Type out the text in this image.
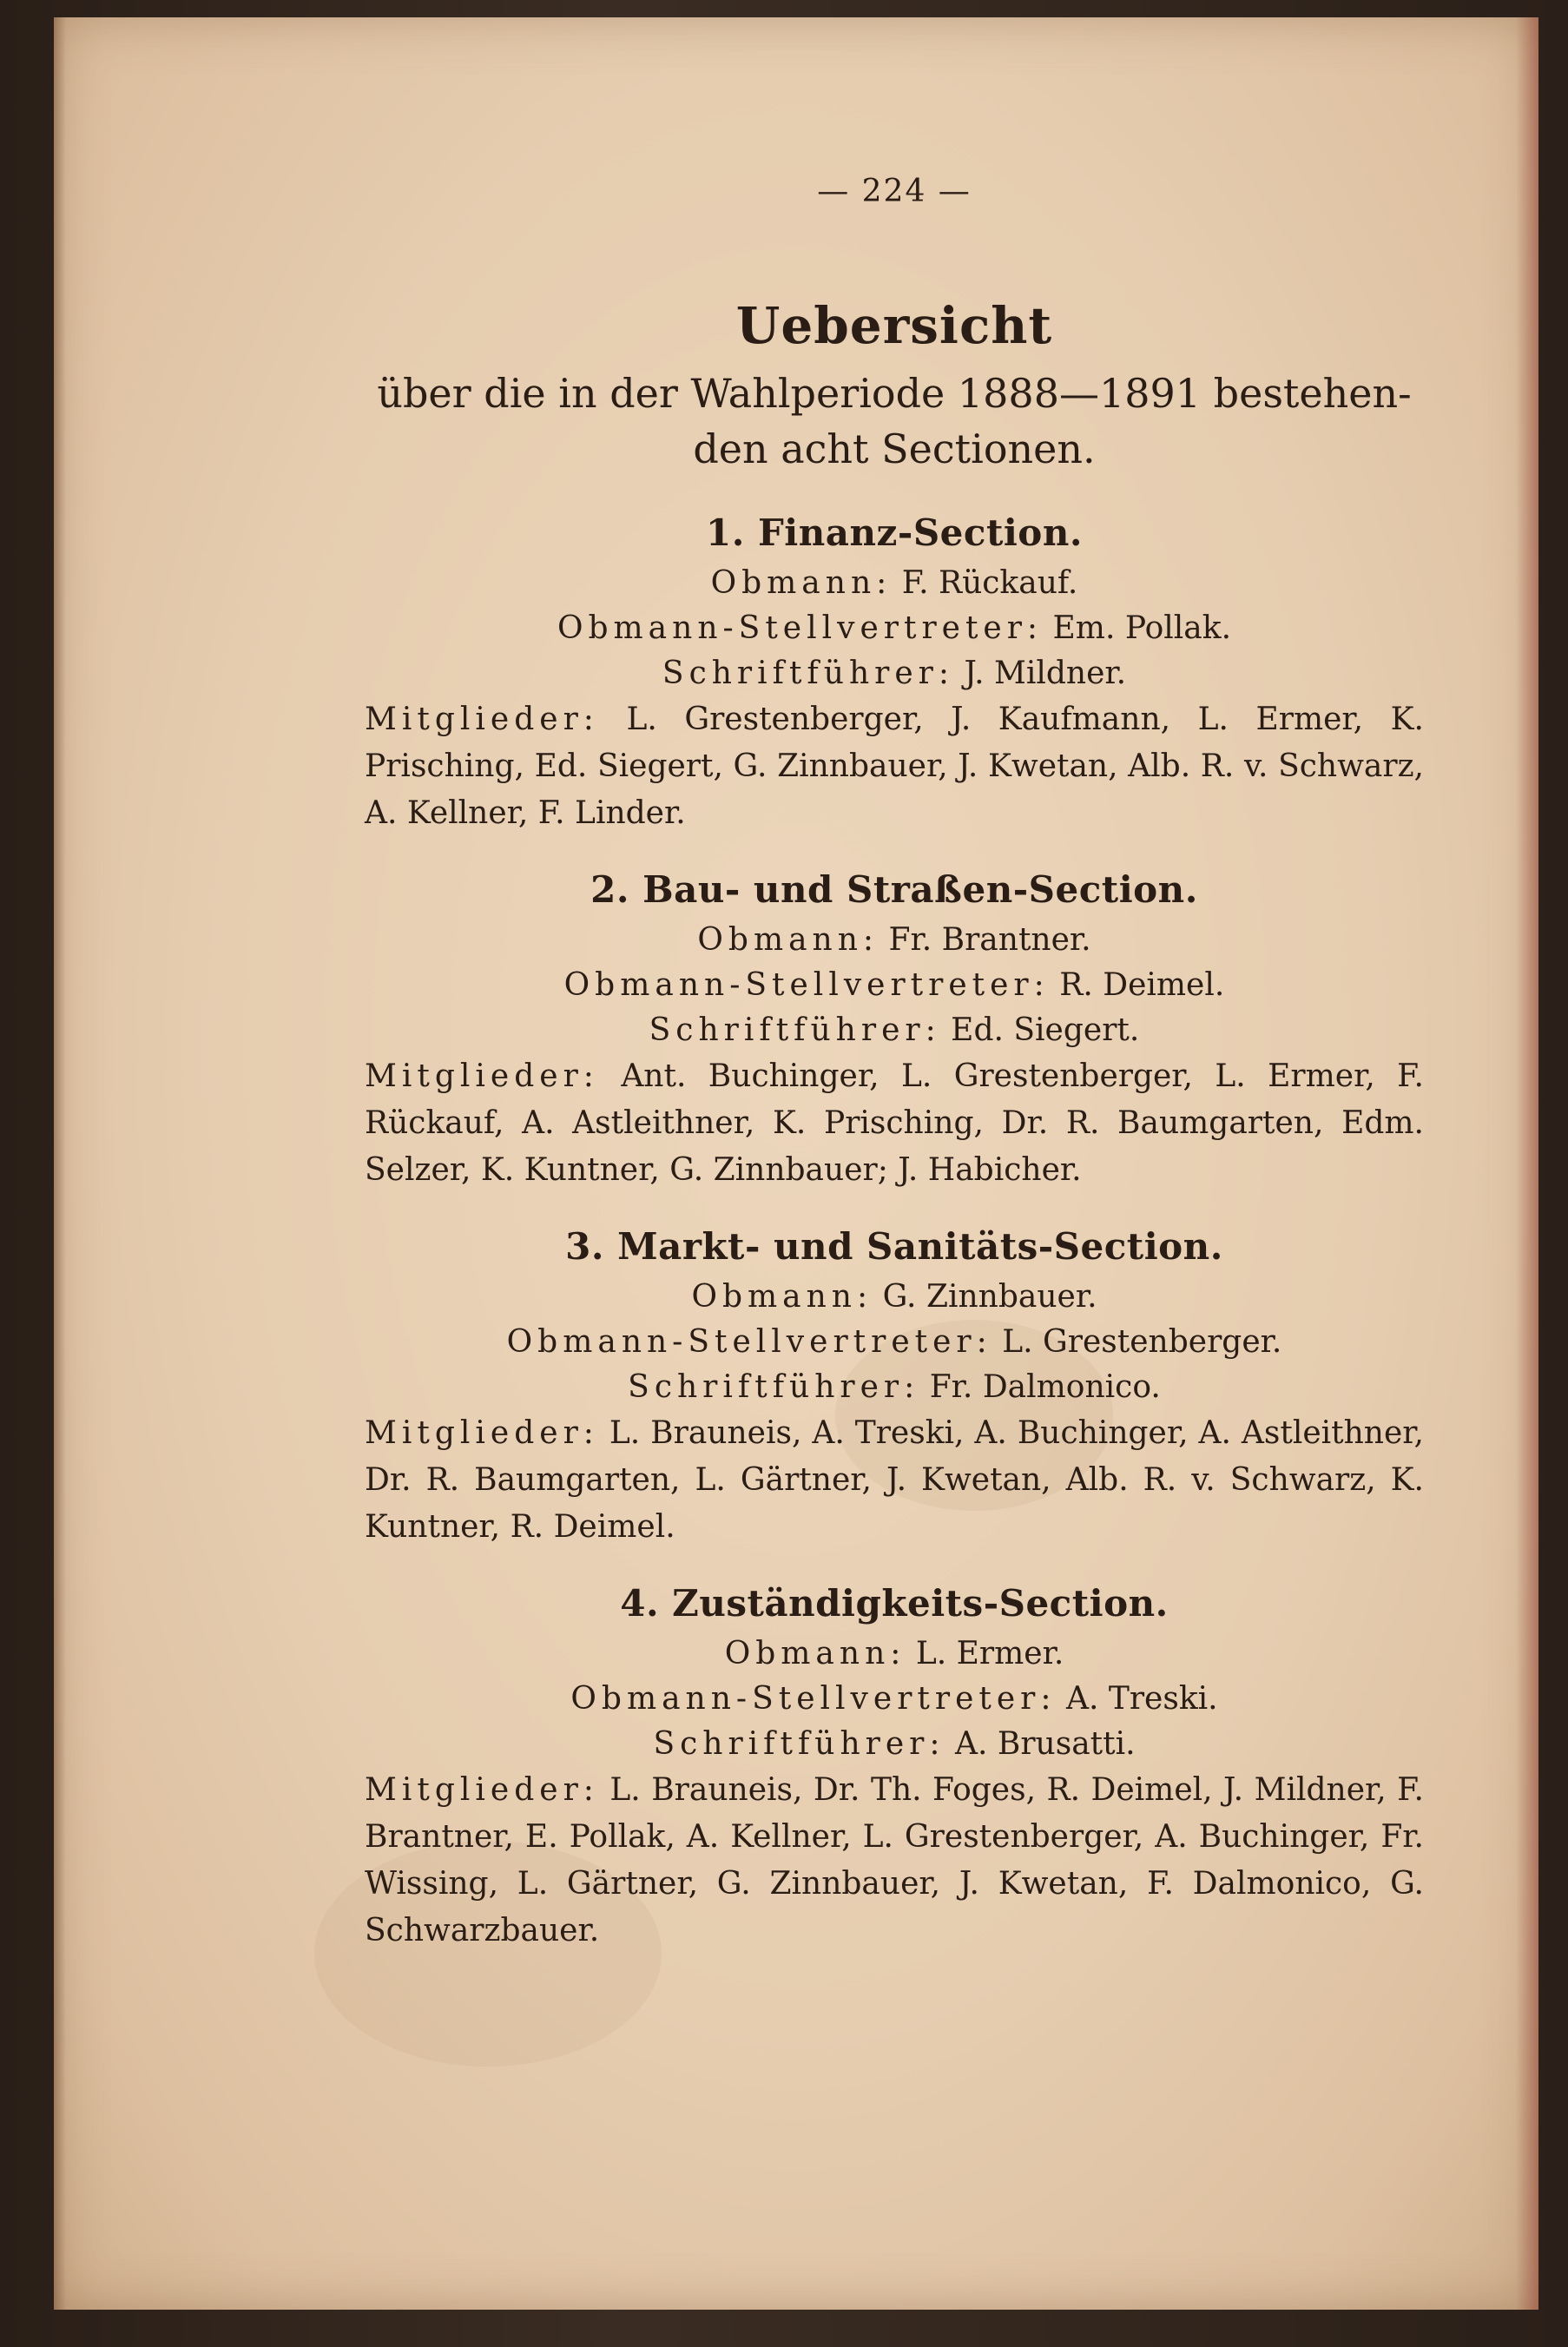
— 224 —
Uebersicht
über die in der Wahlperiode 1888—1891 bestehen-
den acht Sectionen.
1. Finanz-Section.
Obmann: F. Rückauf.
Obmann-Stellvertreter: Em. Pollak.
Schriftführer: J. Mildner.
Mitglieder: L. Grestenberger, J. Kaufmann, L. Ermer, K. Prisching, Ed. Siegert, G. Zinnbauer, J. Kwetan, Alb. R. v. Schwarz, A. Kellner, F. Linder.
2. Bau- und Straßen-Section.
Obmann: Fr. Brantner.
Obmann-Stellvertreter: R. Deimel.
Schriftführer: Ed. Siegert.
Mitglieder: Ant. Buchinger, L. Grestenberger, L. Ermer, F. Rückauf, A. Astleithner, K. Prisching, Dr. R. Baumgarten, Edm. Selzer, K. Kuntner, G. Zinnbauer; J. Habicher.
3. Markt- und Sanitäts-Section.
Obmann: G. Zinnbauer.
Obmann-Stellvertreter: L. Grestenberger.
Schriftführer: Fr. Dalmonico.
Mitglieder: L. Brauneis, A. Treski, A. Buchinger, A. Astleithner, Dr. R. Baumgarten, L. Gärtner, J. Kwetan, Alb. R. v. Schwarz, K. Kuntner, R. Deimel.
4. Zuständigkeits-Section.
Obmann: L. Ermer.
Obmann-Stellvertreter: A. Treski.
Schriftführer: A. Brusatti.
Mitglieder: L. Brauneis, Dr. Th. Foges, R. Deimel, J. Mildner, F. Brantner, E. Pollak, A. Kellner, L. Grestenberger, A. Buchinger, Fr. Wissing, L. Gärtner, G. Zinnbauer, J. Kwetan, F. Dalmonico, G. Schwarzbauer.
